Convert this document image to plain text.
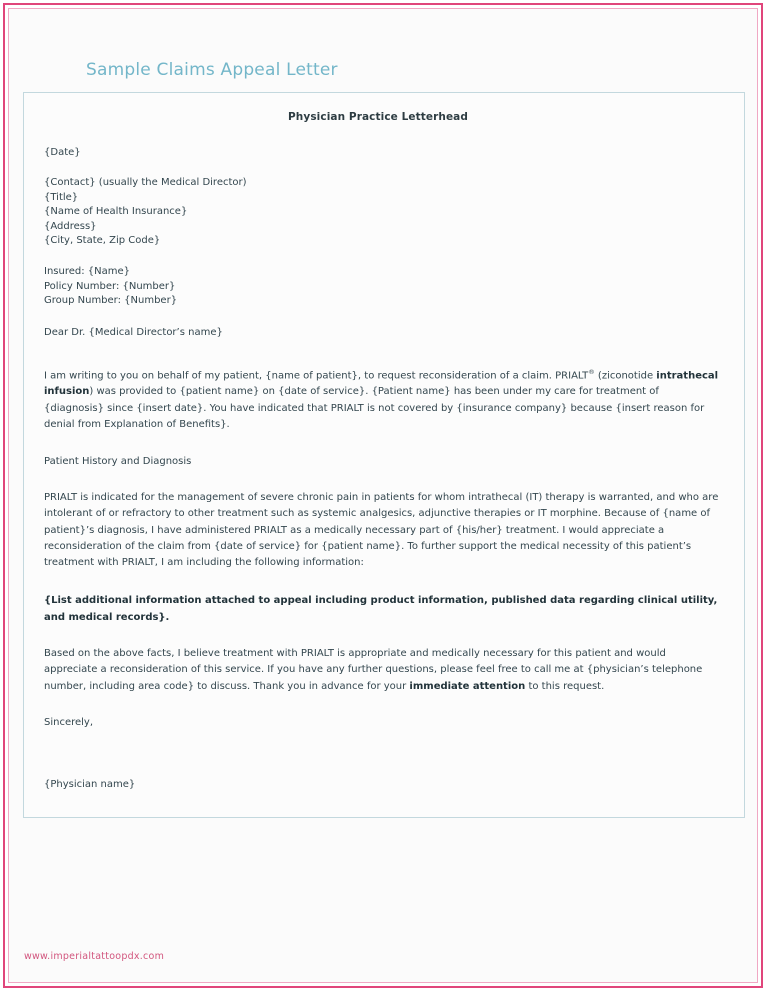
Sample Claims Appeal Letter
Physician Practice Letterhead

{Date}

{Contact} (usually the Medical Director)

{Title}

{Name of Health Insurance}

{Address}

{City, State, Zip Code}

Insured: {Name}

Policy Number: {Number}

Group Number: {Number}

Dear Dr. {Medical Director’s name}

I am writing to you on behalf of my patient, {name of patient}, to request reconsideration of a claim. PRIALT® (ziconotide intrathecal infusion) was provided to {patient name} on {date of service}. {Patient name} has been under my care for treatment of {diagnosis} since {insert date}. You have indicated that PRIALT is not covered by {insurance company} because {insert reason for denial from Explanation of Benefits}.

Patient History and Diagnosis

PRIALT is indicated for the management of severe chronic pain in patients for whom intrathecal (IT) therapy is warranted, and who are intolerant of or refractory to other treatment such as systemic analgesics, adjunctive therapies or IT morphine. Because of {name of patient}’s diagnosis, I have administered PRIALT as a medically necessary part of {his/her} treatment. I would appreciate a reconsideration of the claim from {date of service} for {patient name}. To further support the medical necessity of this patient’s treatment with PRIALT, I am including the following information:

{List additional information attached to appeal including product information, published data regarding clinical utility, and medical records}.

Based on the above facts, I believe treatment with PRIALT is appropriate and medically necessary for this patient and would appreciate a reconsideration of this service. If you have any further questions, please feel free to call me at {physician’s telephone number, including area code} to discuss. Thank you in advance for your immediate attention to this request.

Sincerely,

{Physician name}

www.imperialtattoopdx.com
